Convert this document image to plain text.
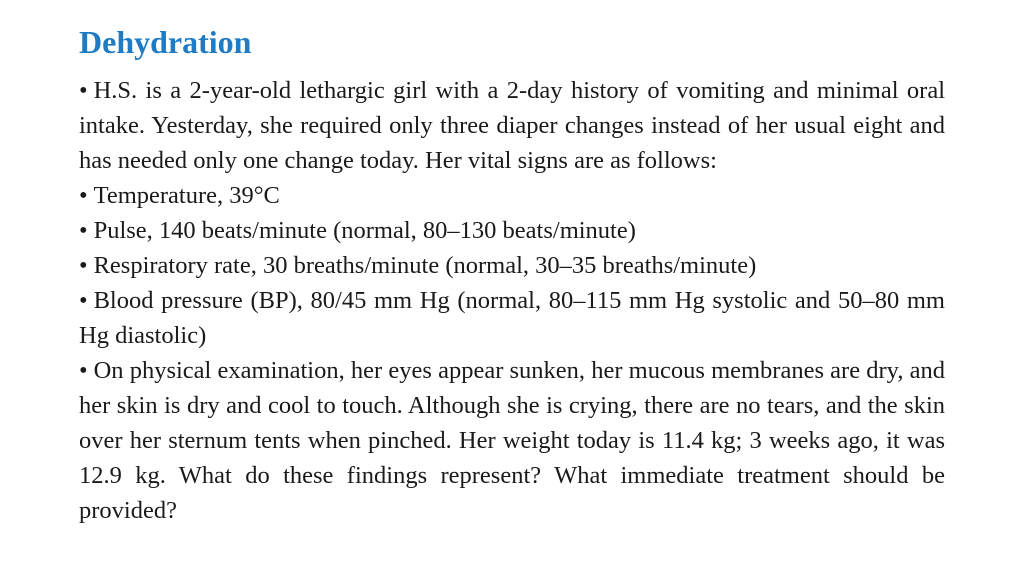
Dehydration

• H.S. is a 2-year-old lethargic girl with a 2-day history of vomiting and minimal oral intake. Yesterday, she required only three diaper changes instead of her usual eight and has needed only one change today. Her vital signs are as follows:

• Temperature, 39°C

• Pulse, 140 beats/minute (normal, 80–130 beats/minute)

• Respiratory rate, 30 breaths/minute (normal, 30–35 breaths/minute)

• Blood pressure (BP), 80/45 mm Hg (normal, 80–115 mm Hg systolic and 50–80 mm Hg diastolic)

• On physical examination, her eyes appear sunken, her mucous membranes are dry, and her skin is dry and cool to touch. Although she is crying, there are no tears, and the skin over her sternum tents when pinched. Her weight today is 11.4 kg; 3 weeks ago, it was 12.9 kg. What do these findings represent? What immediate treatment should be provided?
